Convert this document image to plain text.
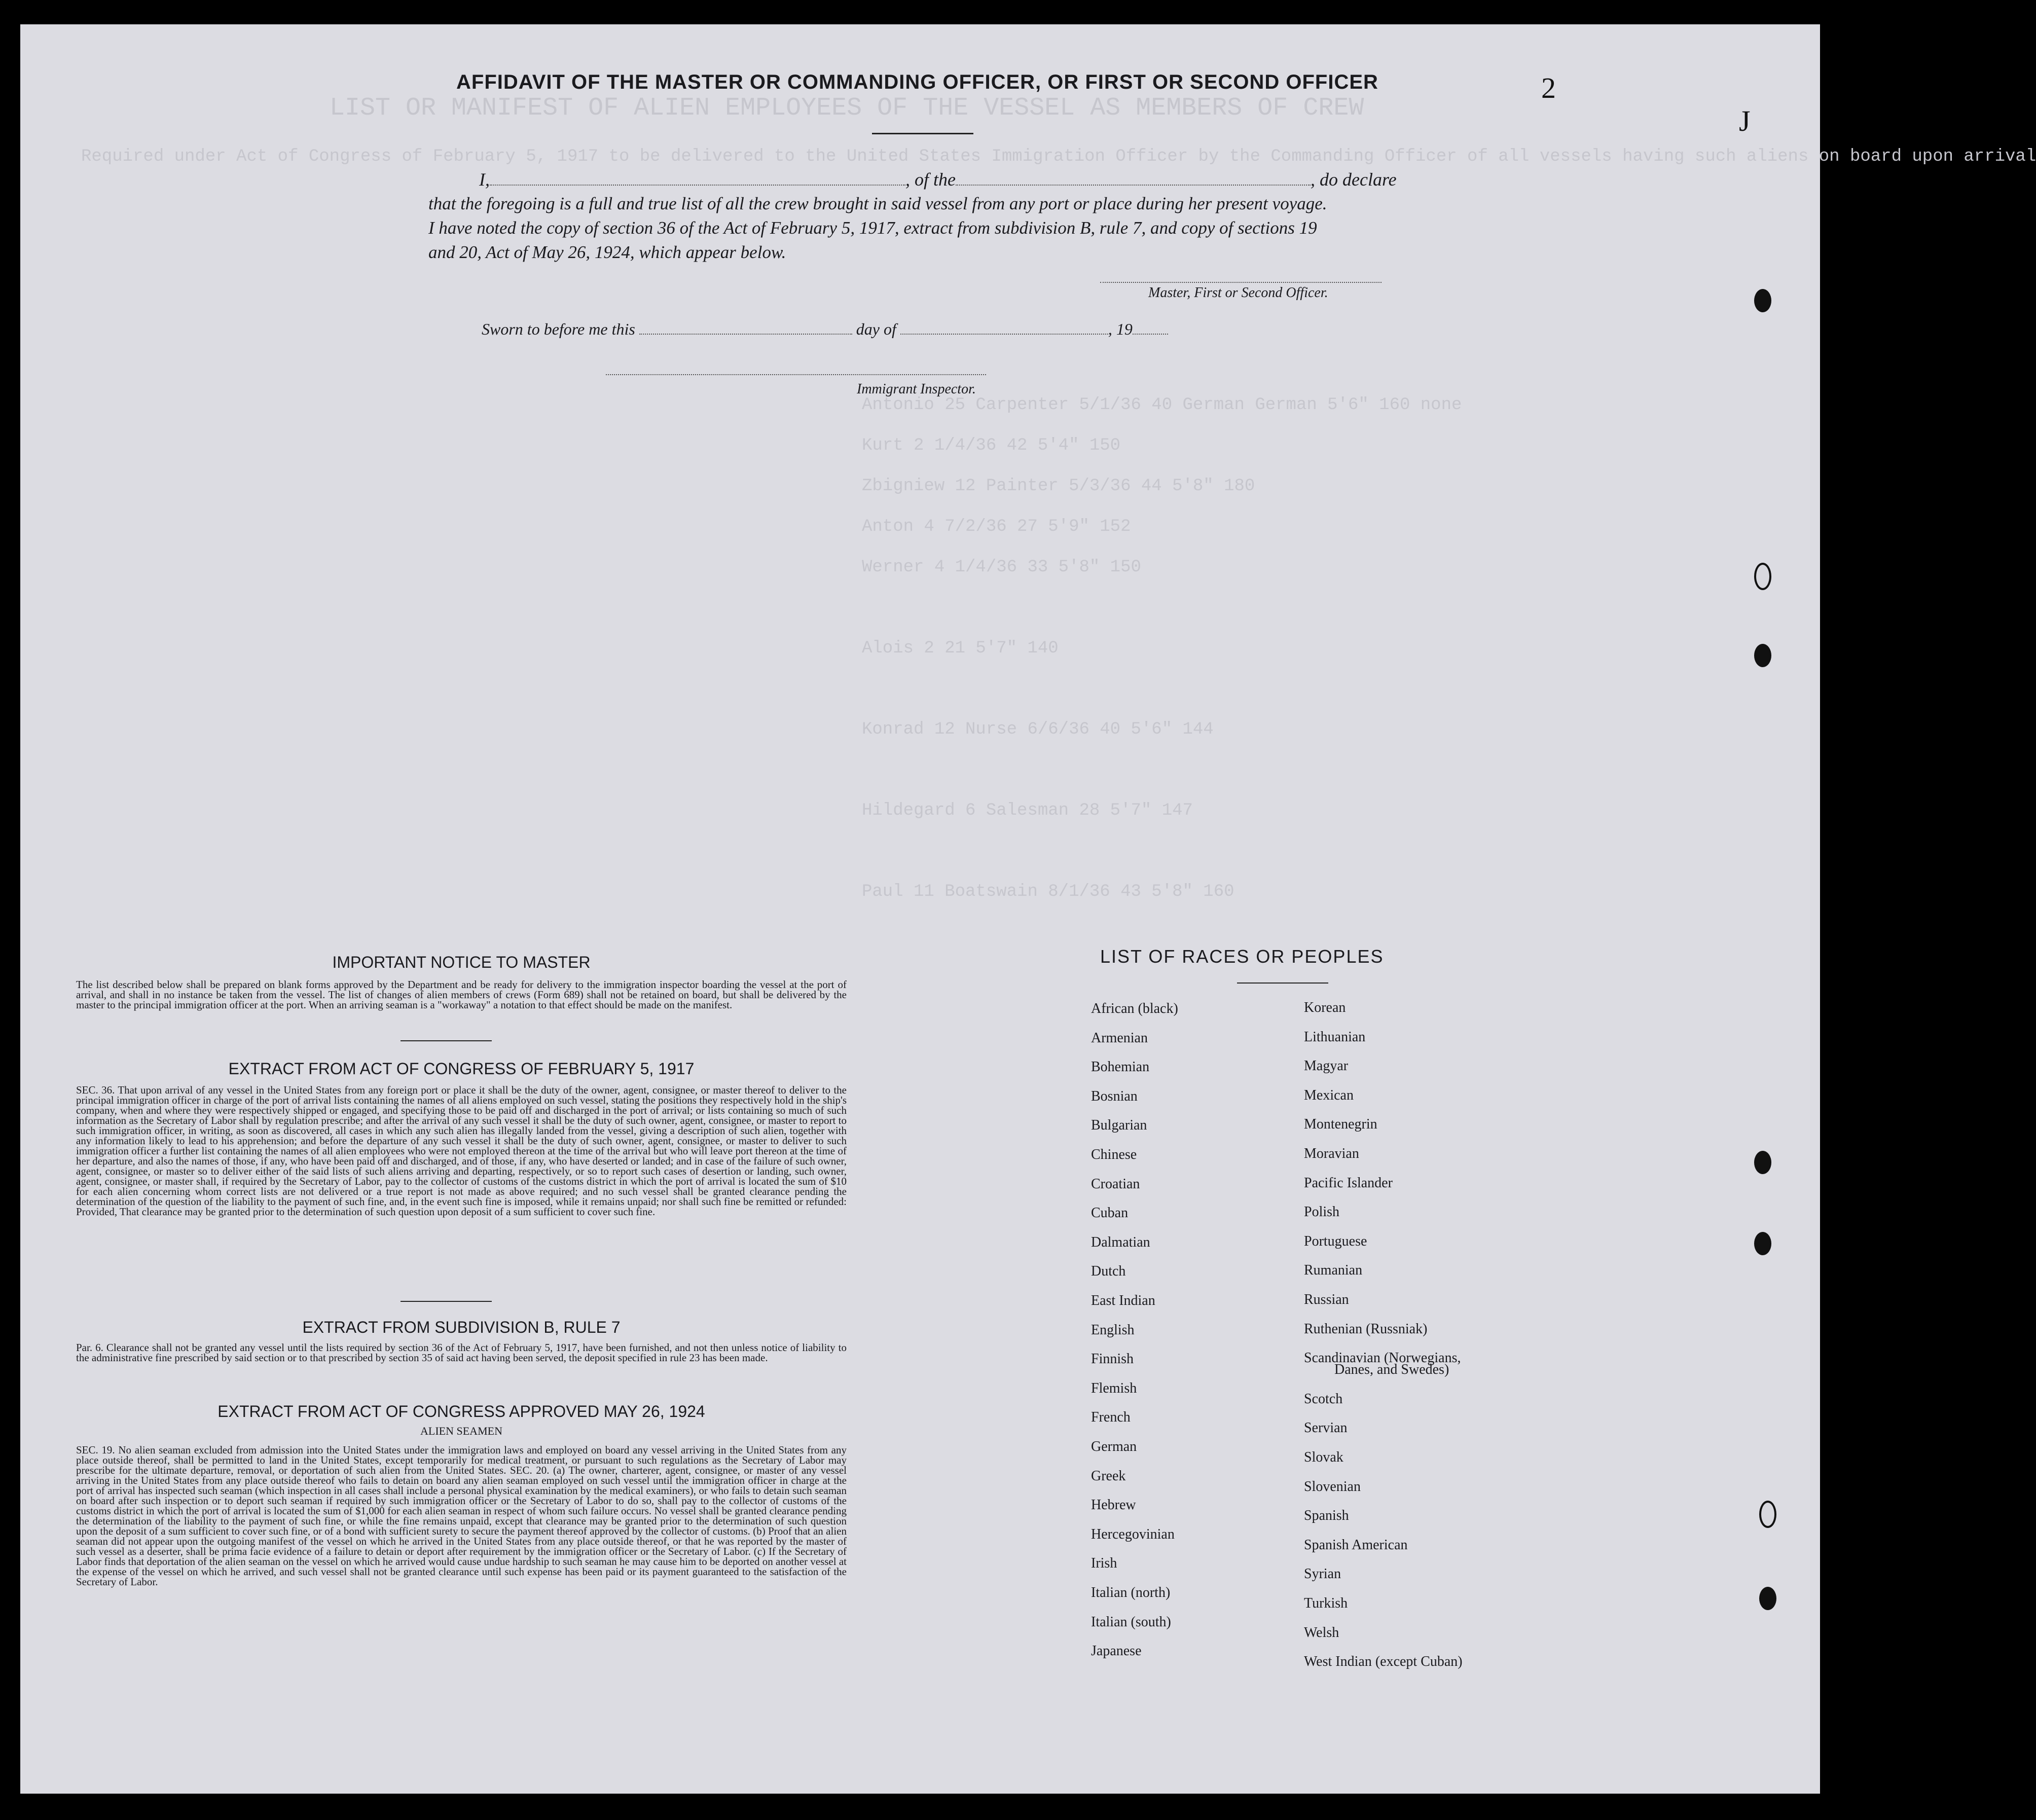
LIST OR MANIFEST OF ALIEN EMPLOYEES OF THE VESSEL AS MEMBERS OF CREW
Required under Act of Congress of February 5, 1917 to be delivered to the United States Immigration Officer by the Commanding Officer of all vessels having such aliens on board upon arrival
Antonio 25 Carpenter 5/1/36 40 German German 5'6" 160 none
Kurt 2 1/4/36 42 5'4" 150
Zbigniew 12 Painter 5/3/36 44 5'8" 180
Anton 4 7/2/36 27 5'9" 152
Werner 4 1/4/36 33 5'8" 150
Alois 2 21 5'7" 140
Konrad 12 Nurse 6/6/36 40 5'6" 144
Hildegard 6 Salesman 28 5'7" 147
Paul 11 Boatswain 8/1/36 43 5'8" 160
2
J
AFFIDAVIT OF THE MASTER OR COMMANDING OFFICER, OR FIRST OR SECOND OFFICER
I,	, of the	, do declare
that the foregoing is a full and true list of all the crew brought in said vessel from any port or place during her present voyage.
I have noted the copy of section 36 of the Act of February 5, 1917, extract from subdivision B, rule 7, and copy of sections 19
and 20, Act of May 26, 1924, which appear below.
Master, First or Second Officer.
Sworn to before me this	day of	, 19
Immigrant Inspector.
IMPORTANT NOTICE TO MASTER
The list described below shall be prepared on blank forms approved by the Department and be ready for delivery to the immigration inspector boarding the vessel at the port of arrival, and shall in no instance be taken from the vessel. The list of changes of alien members of crews (Form 689) shall not be retained on board, but shall be delivered by the master to the principal immigration officer at the port. When an arriving seaman is a "workaway" a notation to that effect should be made on the manifest.
EXTRACT FROM ACT OF CONGRESS OF FEBRUARY 5, 1917
SEC. 36. That upon arrival of any vessel in the United States from any foreign port or place it shall be the duty of the owner, agent, consignee, or master thereof to deliver to the principal immigration officer in charge of the port of arrival lists containing the names of all aliens employed on such vessel, stating the positions they respectively hold in the ship's company, when and where they were respectively shipped or engaged, and specifying those to be paid off and discharged in the port of arrival; or lists containing so much of such information as the Secretary of Labor shall by regulation prescribe; and after the arrival of any such vessel it shall be the duty of such owner, agent, consignee, or master to report to such immigration officer, in writing, as soon as discovered, all cases in which any such alien has illegally landed from the vessel, giving a description of such alien, together with any information likely to lead to his apprehension; and before the departure of any such vessel it shall be the duty of such owner, agent, consignee, or master to deliver to such immigration officer a further list containing the names of all alien employees who were not employed thereon at the time of the arrival but who will leave port thereon at the time of her departure, and also the names of those, if any, who have been paid off and discharged, and of those, if any, who have deserted or landed; and in case of the failure of such owner, agent, consignee, or master so to deliver either of the said lists of such aliens arriving and departing, respectively, or so to report such cases of desertion or landing, such owner, agent, consignee, or master shall, if required by the Secretary of Labor, pay to the collector of customs of the customs district in which the port of arrival is located the sum of $10 for each alien concerning whom correct lists are not delivered or a true report is not made as above required; and no such vessel shall be granted clearance pending the determination of the question of the liability to the payment of such fine, and, in the event such fine is imposed, while it remains unpaid; nor shall such fine be remitted or refunded: Provided, That clearance may be granted prior to the determination of such question upon deposit of a sum sufficient to cover such fine.
EXTRACT FROM SUBDIVISION B, RULE 7
Par. 6. Clearance shall not be granted any vessel until the lists required by section 36 of the Act of February 5, 1917, have been furnished, and not then unless notice of liability to the administrative fine prescribed by said section or to that prescribed by section 35 of said act having been served, the deposit specified in rule 23 has been made.
EXTRACT FROM ACT OF CONGRESS APPROVED MAY 26, 1924
ALIEN SEAMEN
SEC. 19. No alien seaman excluded from admission into the United States under the immigration laws and employed on board any vessel arriving in the United States from any place outside thereof, shall be permitted to land in the United States, except temporarily for medical treatment, or pursuant to such regulations as the Secretary of Labor may prescribe for the ultimate departure, removal, or deportation of such alien from the United States. SEC. 20. (a) The owner, charterer, agent, consignee, or master of any vessel arriving in the United States from any place outside thereof who fails to detain on board any alien seaman employed on such vessel until the immigration officer in charge at the port of arrival has inspected such seaman (which inspection in all cases shall include a personal physical examination by the medical examiners), or who fails to detain such seaman on board after such inspection or to deport such seaman if required by such immigration officer or the Secretary of Labor to do so, shall pay to the collector of customs of the customs district in which the port of arrival is located the sum of $1,000 for each alien seaman in respect of whom such failure occurs. No vessel shall be granted clearance pending the determination of the liability to the payment of such fine, or while the fine remains unpaid, except that clearance may be granted prior to the determination of such question upon the deposit of a sum sufficient to cover such fine, or of a bond with sufficient surety to secure the payment thereof approved by the collector of customs. (b) Proof that an alien seaman did not appear upon the outgoing manifest of the vessel on which he arrived in the United States from any place outside thereof, or that he was reported by the master of such vessel as a deserter, shall be prima facie evidence of a failure to detain or deport after requirement by the immigration officer or the Secretary of Labor. (c) If the Secretary of Labor finds that deportation of the alien seaman on the vessel on which he arrived would cause undue hardship to such seaman he may cause him to be deported on another vessel at the expense of the vessel on which he arrived, and such vessel shall not be granted clearance until such expense has been paid or its payment guaranteed to the satisfaction of the Secretary of Labor.
LIST OF RACES OR PEOPLES
African (black)
Armenian
Bohemian
Bosnian
Bulgarian
Chinese
Croatian
Cuban
Dalmatian
Dutch
East Indian
English
Finnish
Flemish
French
German
Greek
Hebrew
Hercegovinian
Irish
Italian (north)
Italian (south)
Japanese
Korean
Lithuanian
Magyar
Mexican
Montenegrin
Moravian
Pacific Islander
Polish
Portuguese
Rumanian
Russian
Ruthenian (Russniak)
Scandinavian (Norwegians,
Danes, and Swedes)
Scotch
Servian
Slovak
Slovenian
Spanish
Spanish American
Syrian
Turkish
Welsh
West Indian (except Cuban)
